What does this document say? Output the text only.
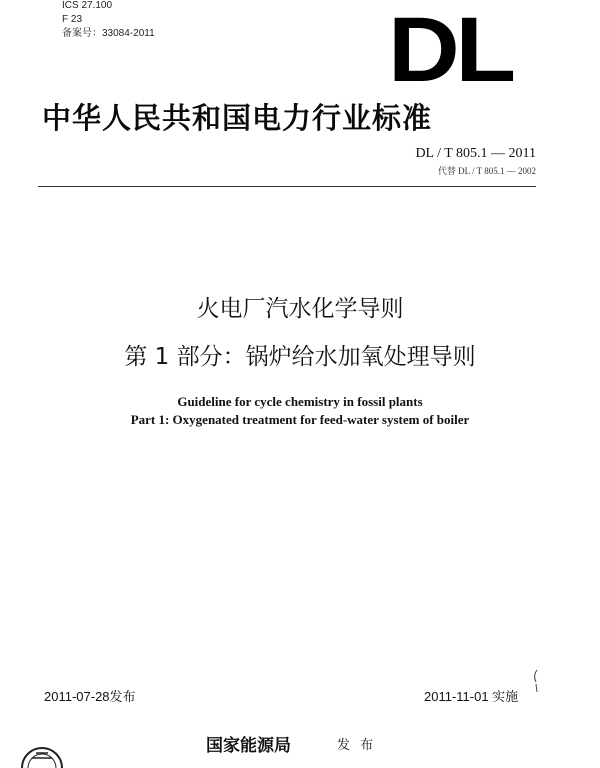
ICS 27.100
F 23
备案号：33084-2011	DL
中华人民共和国电力行业标准
DL / T 805.1 — 2011
代替 DL / T 805.1 — 2002
火电厂汽水化学导则
第 1 部分：锅炉给水加氧处理导则
Guideline for cycle chemistry in fossil plants
Part 1: Oxygenated treatment for feed-water system of boiler
2011-07-28发布	2011-11-01 实施
国家能源局	发 布
